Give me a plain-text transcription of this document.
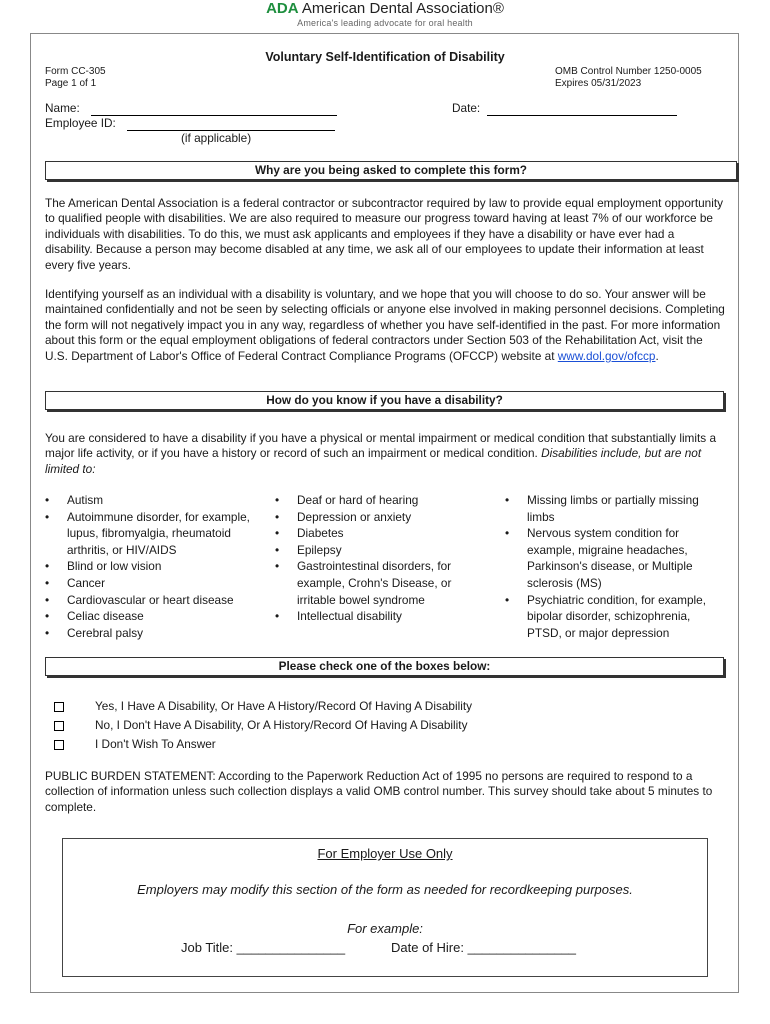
ADA American Dental Association®
America's leading advocate for oral health
Voluntary Self-Identification of Disability
Form CC-305
Page 1 of 1
OMB Control Number 1250-0005
Expires 05/31/2023
Name:	Date:
Employee ID:
(if applicable)
Why are you being asked to complete this form?
The American Dental Association is a federal contractor or subcontractor required by law to provide equal employment opportunity to qualified people with disabilities. We are also required to measure our progress toward having at least 7% of our workforce be individuals with disabilities. To do this, we must ask applicants and employees if they have a disability or have ever had a disability. Because a person may become disabled at any time, we ask all of our employees to update their information at least every five years.
Identifying yourself as an individual with a disability is voluntary, and we hope that you will choose to do so. Your answer will be maintained confidentially and not be seen by selecting officials or anyone else involved in making personnel decisions. Completing the form will not negatively impact you in any way, regardless of whether you have self-identified in the past. For more information about this form or the equal employment obligations of federal contractors under Section 503 of the Rehabilitation Act, visit the U.S. Department of Labor's Office of Federal Contract Compliance Programs (OFCCP) website at www.dol.gov/ofccp.
How do you know if you have a disability?
You are considered to have a disability if you have a physical or mental impairment or medical condition that substantially limits a major life activity, or if you have a history or record of such an impairment or medical condition. Disabilities include, but are not limited to:
• Autism
• Autoimmune disorder, for example, lupus, fibromyalgia, rheumatoid arthritis, or HIV/AIDS
• Blind or low vision
• Cancer
• Cardiovascular or heart disease
• Celiac disease
• Cerebral palsy
• Deaf or hard of hearing
• Depression or anxiety
• Diabetes
• Epilepsy
• Gastrointestinal disorders, for example, Crohn's Disease, or irritable bowel syndrome
• Intellectual disability
• Missing limbs or partially missing limbs
• Nervous system condition for example, migraine headaches, Parkinson's disease, or Multiple sclerosis (MS)
• Psychiatric condition, for example, bipolar disorder, schizophrenia, PTSD, or major depression
Please check one of the boxes below:
Yes, I Have A Disability, Or Have A History/Record Of Having A Disability
No, I Don't Have A Disability, Or A History/Record Of Having A Disability
I Don't Wish To Answer
PUBLIC BURDEN STATEMENT: According to the Paperwork Reduction Act of 1995 no persons are required to respond to a collection of information unless such collection displays a valid OMB control number. This survey should take about 5 minutes to complete.
For Employer Use Only
Employers may modify this section of the form as needed for recordkeeping purposes.
For example:
Job Title: _______________	Date of Hire: _______________
